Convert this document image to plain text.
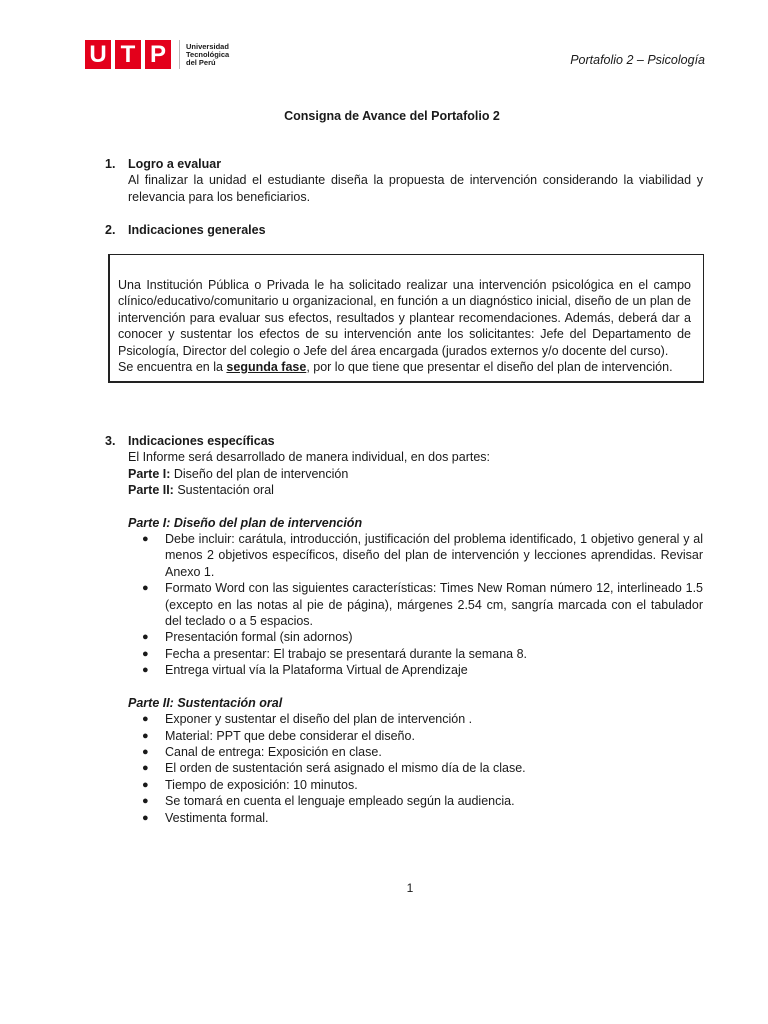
U T P	Universidad
Tecnológica
del Perú	Portafolio 2 – Psicología
Consigna de Avance del Portafolio 2
1.	Logro a evaluar
Al finalizar la unidad el estudiante diseña la propuesta de intervención considerando la viabilidad y relevancia para los beneficiarios.
2.	Indicaciones generales

Una Institución Pública o Privada le ha solicitado realizar una intervención psicológica en el campo clínico/educativo/comunitario u organizacional, en función a un diagnóstico inicial, diseño de un plan de intervención para evaluar sus efectos, resultados y plantear recomendaciones. Además, deberá dar a conocer y sustentar los efectos de su intervención ante los solicitantes: Jefe del Departamento de Psicología, Director del colegio o Jefe del área encargada (jurados externos y/o docente del curso).

Se encuentra en la segunda fase, por lo que tiene que presentar el diseño del plan de intervención.

3.	Indicaciones específicas
El Informe será desarrollado de manera individual, en dos partes:
Parte I: Diseño del plan de intervención
Parte II: Sustentación oral
Parte I: Diseño del plan de intervención
●	Debe incluir: carátula, introducción, justificación del problema identificado, 1 objetivo general y al menos 2 objetivos específicos, diseño del plan de intervención y lecciones aprendidas. Revisar Anexo 1.
●	Formato Word con las siguientes características: Times New Roman número 12, interlineado 1.5 (excepto en las notas al pie de página), márgenes 2.54 cm, sangría marcada con el tabulador del teclado o a 5 espacios.
●	Presentación formal (sin adornos)
●	Fecha a presentar: El trabajo se presentará durante la semana 8.
●	Entrega virtual vía la Plataforma Virtual de Aprendizaje
Parte II: Sustentación oral
●	Exponer y sustentar el diseño del plan de intervención .
●	Material: PPT que debe considerar el diseño.
●	Canal de entrega: Exposición en clase.
●	El orden de sustentación será asignado el mismo día de la clase.
●	Tiempo de exposición: 10 minutos.
●	Se tomará en cuenta el lenguaje empleado según la audiencia.
●	Vestimenta formal.
1
